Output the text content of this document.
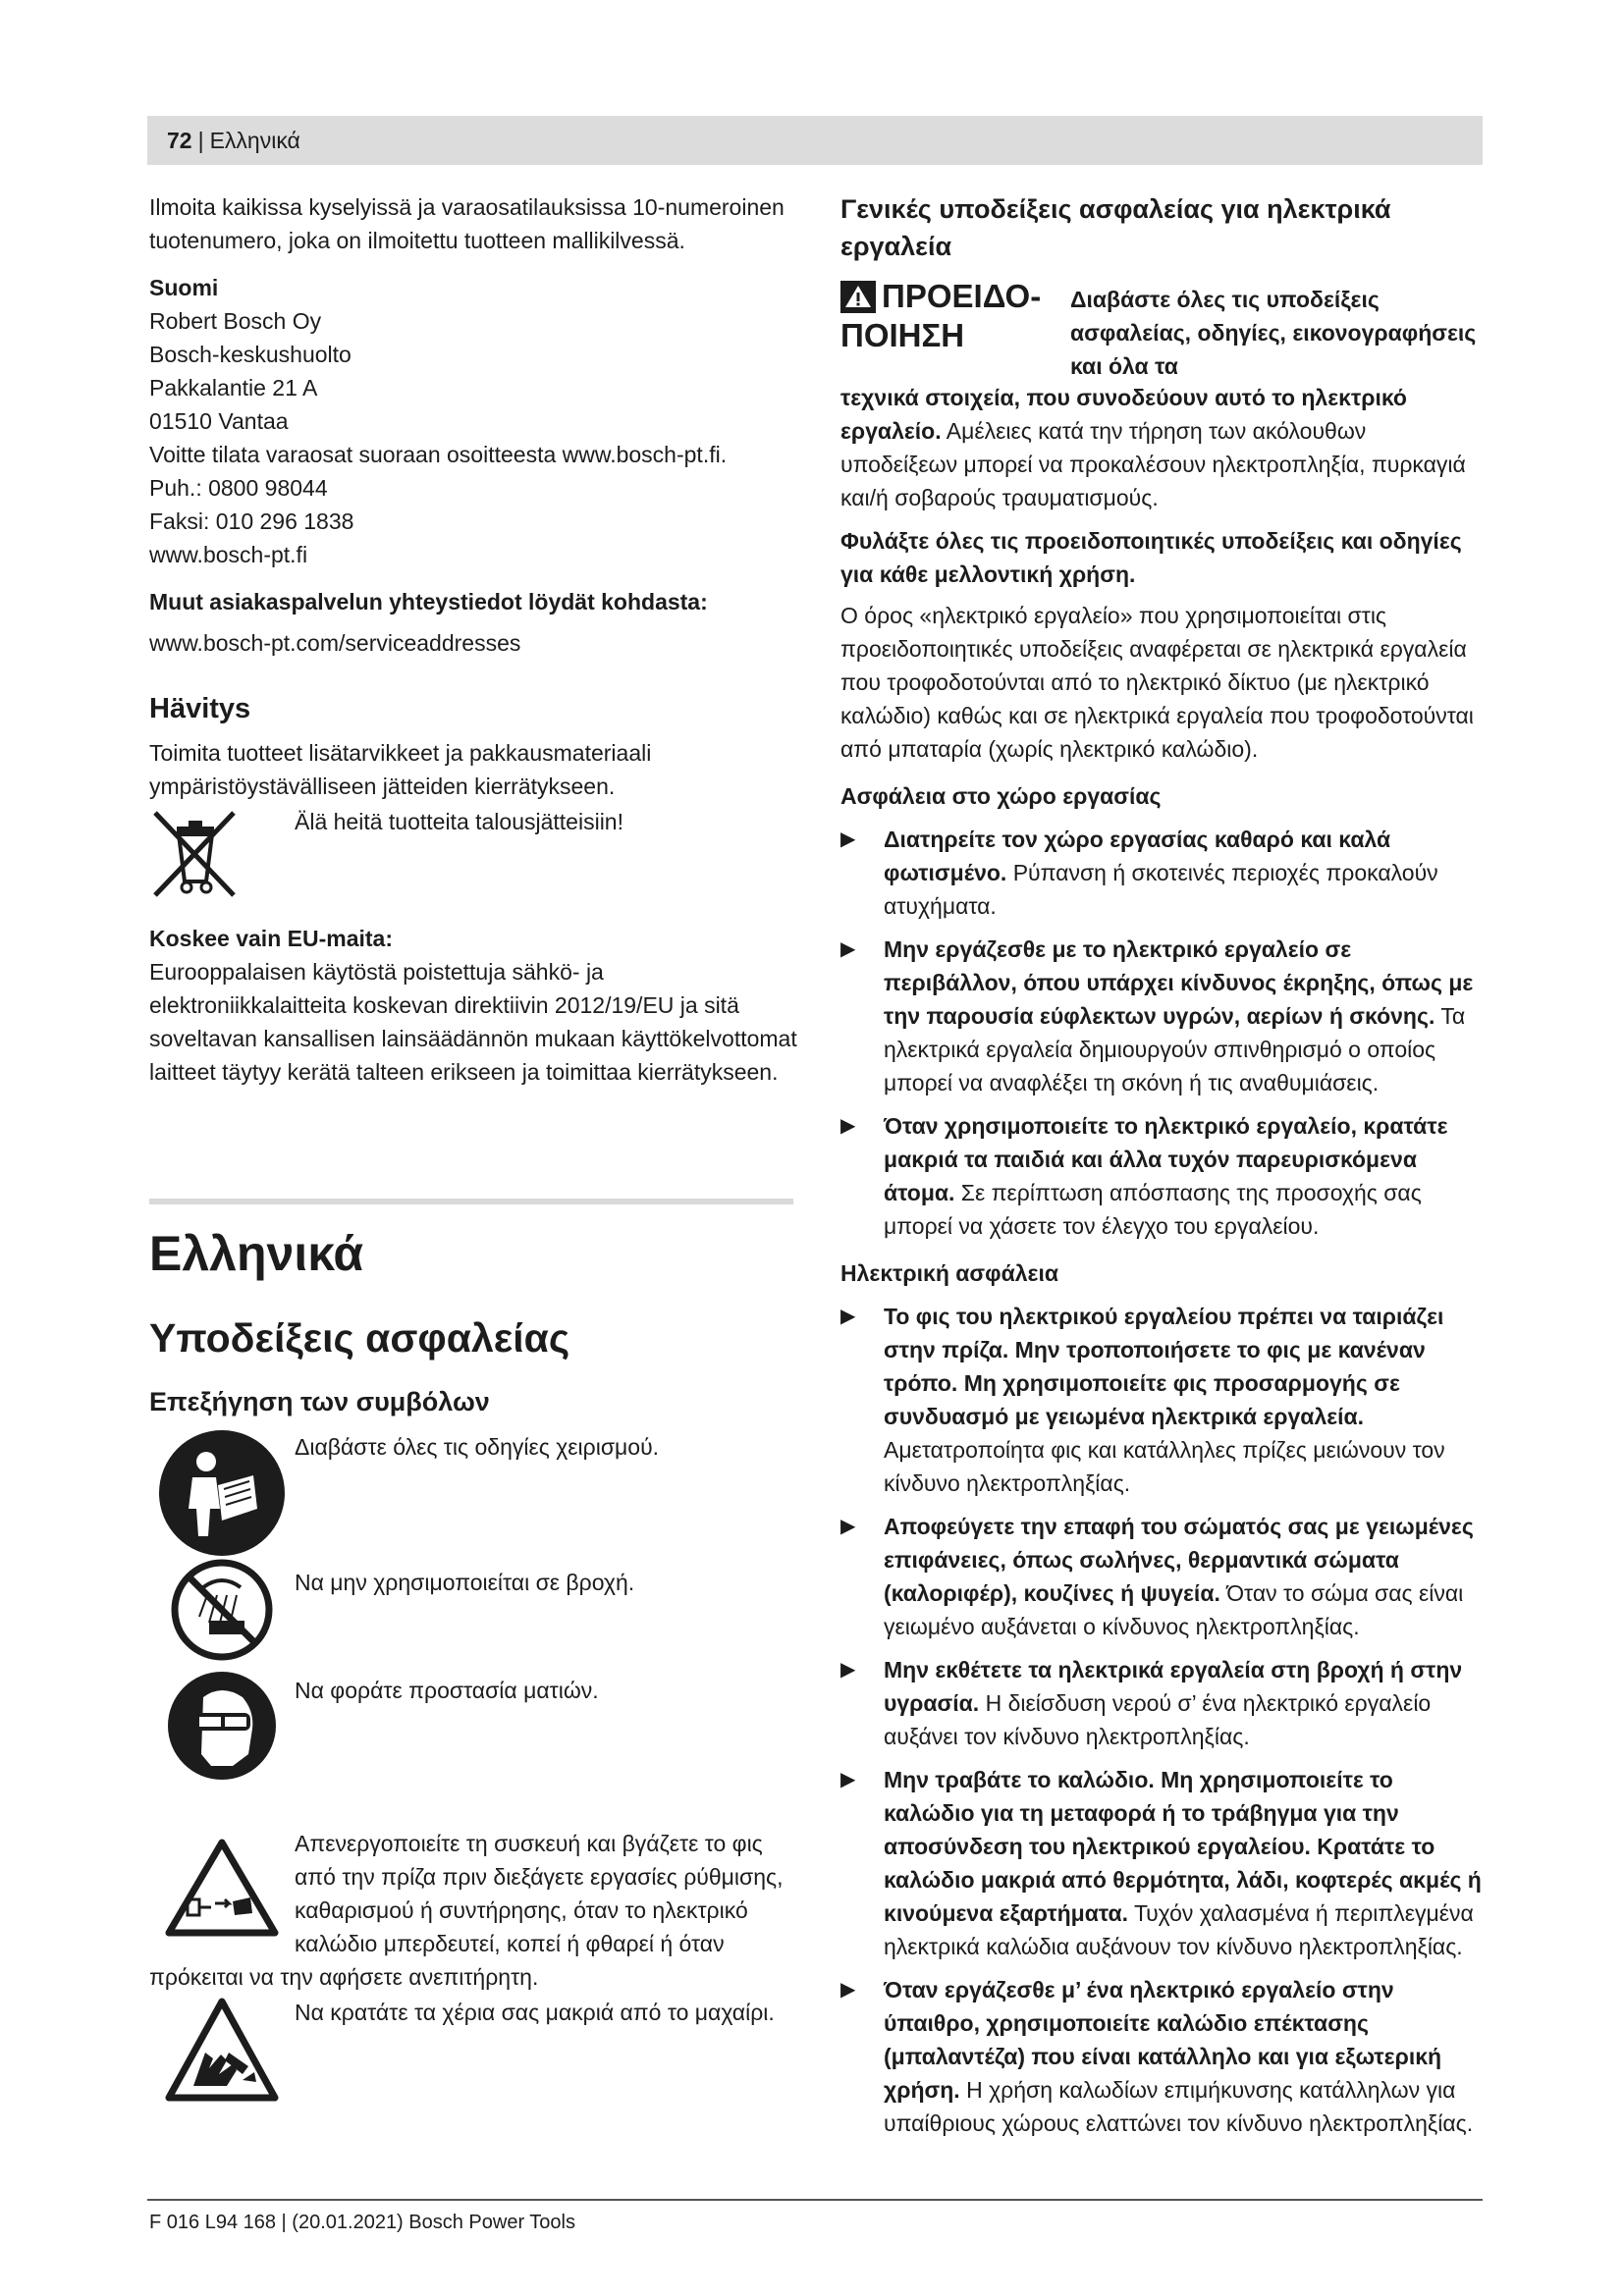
72 | Ελληνικά

Ilmoita kaikissa kyselyissä ja varaosatilauksissa 10-numeroinen tuotenumero, joka on ilmoitettu tuotteen mallikilvessä.

Suomi

Robert Bosch Oy

Bosch-keskushuolto

Pakkalantie 21 A

01510 Vantaa

Voitte tilata varaosat suoraan osoitteesta www.bosch-pt.fi.

Puh.: 0800 98044

Faksi: 010 296 1838

www.bosch-pt.fi

Muut asiakaspalvelun yhteystiedot löydät kohdasta:

www.bosch-pt.com/serviceaddresses

Hävitys

Toimita tuotteet lisätarvikkeet ja pakkausmateriaali ympäristöystävälliseen jätteiden kierrätykseen.

Älä heitä tuotteita talousjätteisiin!

Koskee vain EU-maita:

Eurooppalaisen käytöstä poistettuja sähkö- ja elektroniikkalaitteita koskevan direktiivin 2012/19/EU ja sitä soveltavan kansallisen lainsäädännön mukaan käyttökelvottomat laitteet täytyy kerätä talteen erikseen ja toimittaa kierrätykseen.

Ελληνικά

Υποδείξεις ασφαλείας

Επεξήγηση των συμβόλων

Διαβάστε όλες τις οδηγίες χειρισμού.

Να μην χρησιμοποιείται σε βροχή.

Να φοράτε προστασία ματιών.

Απενεργοποιείτε τη συσκευή και βγάζετε το φις από την πρίζα πριν διεξάγετε εργασίες ρύθμισης, καθαρισμού ή συντήρησης, όταν το ηλεκτρικό καλώδιο μπερδευτεί, κοπεί ή φθαρεί ή όταν

πρόκειται να την αφήσετε ανεπιτήρητη.

Να κρατάτε τα χέρια σας μακριά από το μαχαίρι.

Γενικές υποδείξεις ασφαλείας για ηλεκτρικά εργαλεία

ΠΡΟΕΙΔΟ-
ΠΟΙΗΣΗ

Διαβάστε όλες τις υποδείξεις ασφαλείας, οδηγίες, εικονογραφήσεις και όλα τα

τεχνικά στοιχεία, που συνοδεύουν αυτό το ηλεκτρικό εργαλείο. Αμέλειες κατά την τήρηση των ακόλουθων υποδείξεων μπορεί να προκαλέσουν ηλεκτροπληξία, πυρκαγιά και/ή σοβαρούς τραυματισμούς.

Φυλάξτε όλες τις προειδοποιητικές υποδείξεις και οδηγίες για κάθε μελλοντική χρήση.

Ο όρος «ηλεκτρικό εργαλείο» που χρησιμοποιείται στις προειδοποιητικές υποδείξεις αναφέρεται σε ηλεκτρικά εργαλεία που τροφοδοτούνται από το ηλεκτρικό δίκτυο (με ηλεκτρικό καλώδιο) καθώς και σε ηλεκτρικά εργαλεία που τροφοδοτούνται από μπαταρία (χωρίς ηλεκτρικό καλώδιο).

Ασφάλεια στο χώρο εργασίας

▶	Διατηρείτε τον χώρο εργασίας καθαρό και καλά φωτισμένο. Ρύπανση ή σκοτεινές περιοχές προκαλούν ατυχήματα.

▶	Μην εργάζεσθε με το ηλεκτρικό εργαλείο σε περιβάλλον, όπου υπάρχει κίνδυνος έκρηξης, όπως με την παρουσία εύφλεκτων υγρών, αερίων ή σκόνης. Τα ηλεκτρικά εργαλεία δημιουργούν σπινθηρισμό ο οποίος μπορεί να αναφλέξει τη σκόνη ή τις αναθυμιάσεις.

▶	Όταν χρησιμοποιείτε το ηλεκτρικό εργαλείο, κρατάτε μακριά τα παιδιά και άλλα τυχόν παρευρισκόμενα άτομα. Σε περίπτωση απόσπασης της προσοχής σας μπορεί να χάσετε τον έλεγχο του εργαλείου.

Ηλεκτρική ασφάλεια

▶	Το φις του ηλεκτρικού εργαλείου πρέπει να ταιριάζει στην πρίζα. Μην τροποποιήσετε το φις με κανέναν τρόπο. Μη χρησιμοποιείτε φις προσαρμογής σε συνδυασμό με γειωμένα ηλεκτρικά εργαλεία. Αμετατροποίητα φις και κατάλληλες πρίζες μειώνουν τον κίνδυνο ηλεκτροπληξίας.

▶	Αποφεύγετε την επαφή του σώματός σας με γειωμένες επιφάνειες, όπως σωλήνες, θερμαντικά σώματα (καλοριφέρ), κουζίνες ή ψυγεία. Όταν το σώμα σας είναι γειωμένο αυξάνεται ο κίνδυνος ηλεκτροπληξίας.

▶	Μην εκθέτετε τα ηλεκτρικά εργαλεία στη βροχή ή στην υγρασία. Η διείσδυση νερού σ’ ένα ηλεκτρικό εργαλείο αυξάνει τον κίνδυνο ηλεκτροπληξίας.

▶	Μην τραβάτε το καλώδιο. Μη χρησιμοποιείτε το καλώδιο για τη μεταφορά ή το τράβηγμα για την αποσύνδεση του ηλεκτρικού εργαλείου. Κρατάτε το καλώδιο μακριά από θερμότητα, λάδι, κοφτερές ακμές ή κινούμενα εξαρτήματα. Τυχόν χαλασμένα ή περιπλεγμένα ηλεκτρικά καλώδια αυξάνουν τον κίνδυνο ηλεκτροπληξίας.

▶	Όταν εργάζεσθε μ’ ένα ηλεκτρικό εργαλείο στην ύπαιθρο, χρησιμοποιείτε καλώδιο επέκτασης (μπαλαντέζα) που είναι κατάλληλο και για εξωτερική χρήση. Η χρήση καλωδίων επιμήκυνσης κατάλληλων για υπαίθριους χώρους ελαττώνει τον κίνδυνο ηλεκτροπληξίας.

F 016 L94 168 | (20.01.2021) Bosch Power Tools
